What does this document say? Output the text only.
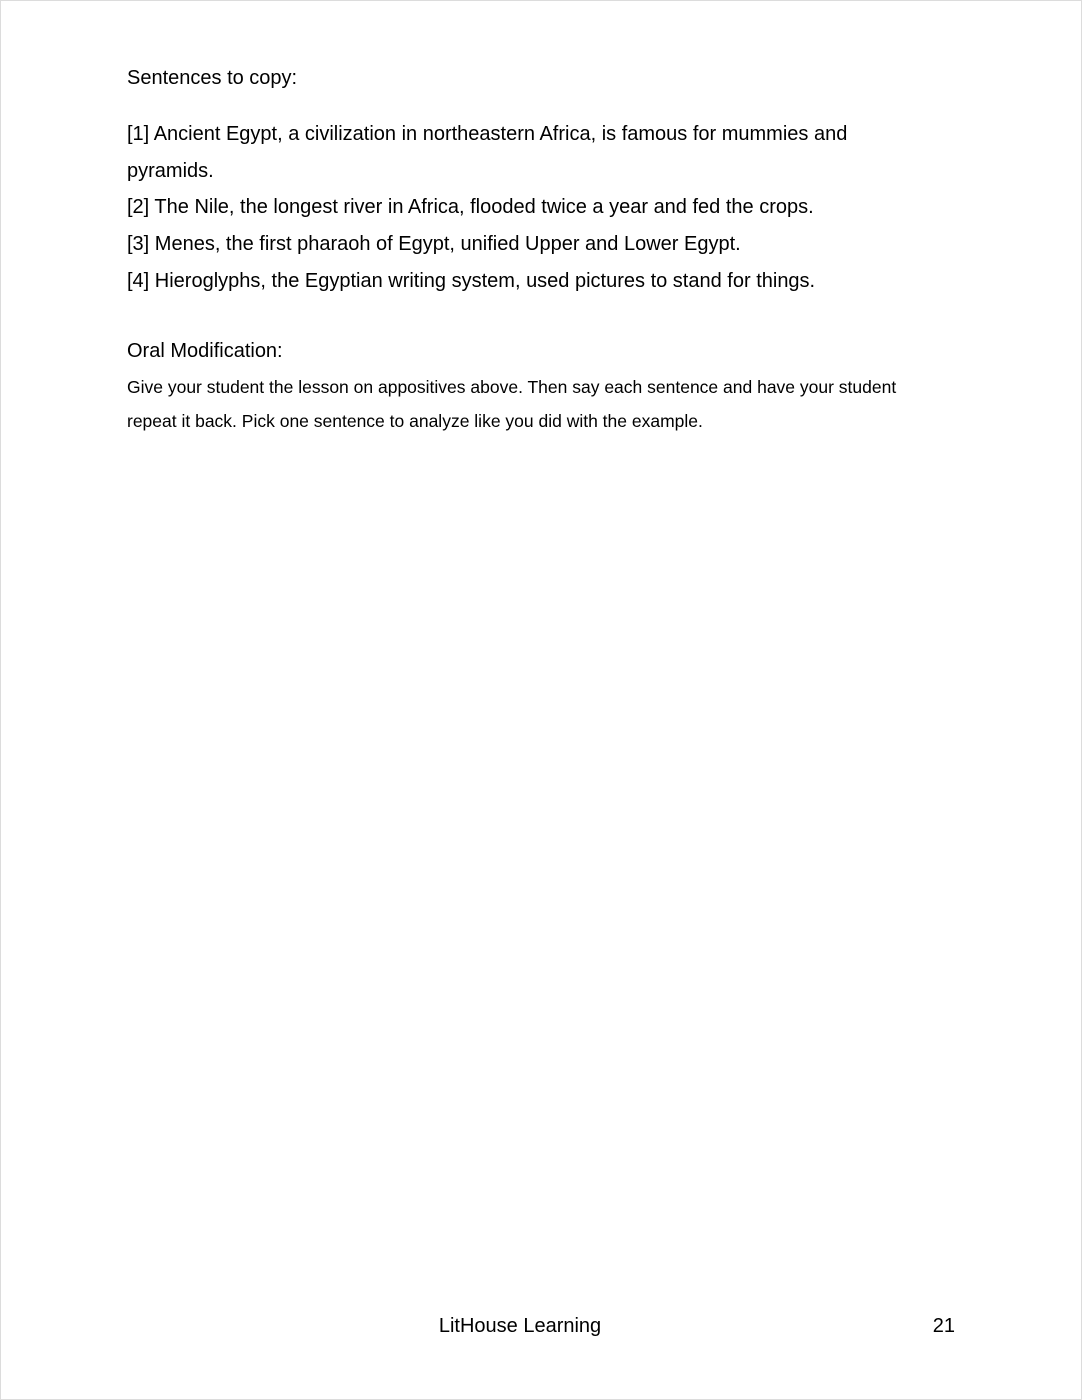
Sentences to copy:

[1] Ancient Egypt, a civilization in northeastern Africa, is famous for mummies and pyramids.
[2] The Nile, the longest river in Africa, flooded twice a year and fed the crops.
[3] Menes, the first pharaoh of Egypt, unified Upper and Lower Egypt.
[4] Hieroglyphs, the Egyptian writing system, used pictures to stand for things.

Oral Modification:

Give your student the lesson on appositives above. Then say each sentence and have your student repeat it back. Pick one sentence to analyze like you did with the example.

LitHouse Learning	21
